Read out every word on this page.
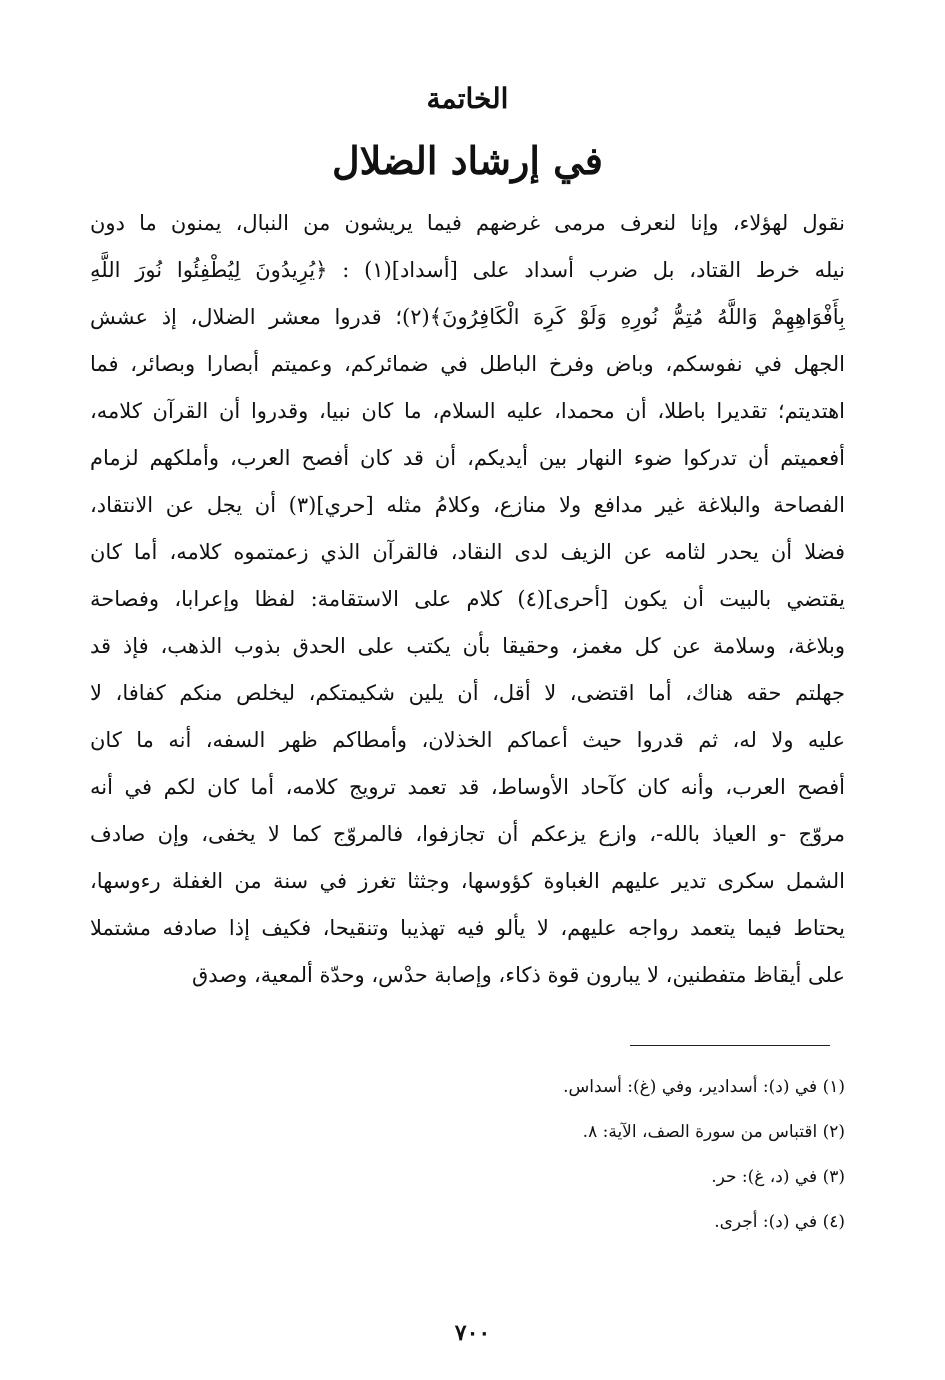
الخاتمة
في إرشاد الضلال
نقول لهؤلاء، وإنا لنعرف مرمى غرضهم فيما يريشون من النبال، يمنون ما دون
نيله خرط القتاد، بل ضرب أسداد على [أسداد](١) : ﴿يُرِيدُونَ لِيُطْفِئُوا نُورَ اللَّهِ
بِأَفْوَاهِهِمْ وَاللَّهُ مُتِمُّ نُورِهِ وَلَوْ كَرِهَ الْكَافِرُونَ﴾(٢)؛ قدروا معشر الضلال، إذ عشش
الجهل في نفوسكم، وباض وفرخ الباطل في ضمائركم، وعميتم أبصارا وبصائر، فما
اهتديتم؛ تقديرا باطلا، أن محمدا، عليه السلام، ما كان نبيا، وقدروا أن القرآن كلامه،
أفعميتم أن تدركوا ضوء النهار بين أيديكم، أن قد كان أفصح العرب، وأملكهم لزمام
الفصاحة والبلاغة غير مدافع ولا منازع، وكلامُ مثله [حري](٣) أن يجل عن الانتقاد،
فضلا أن يحدر لثامه عن الزيف لدى النقاد، فالقرآن الذي زعمتموه كلامه، أما كان
يقتضي بالبيت أن يكون [أحرى](٤) كلام على الاستقامة: لفظا وإعرابا، وفصاحة
وبلاغة، وسلامة عن كل مغمز، وحقيقا بأن يكتب على الحدق بذوب الذهب، فإذ قد
جهلتم حقه هناك، أما اقتضى، لا أقل، أن يلين شكيمتكم، ليخلص منكم كفافا، لا
عليه ولا له، ثم قدروا حيث أعماكم الخذلان، وأمطاكم ظهر السفه، أنه ما كان
أفصح العرب، وأنه كان كآحاد الأوساط، قد تعمد ترويج كلامه، أما كان لكم في أنه
مروّج -و العياذ بالله-، وازع يزعكم أن تجازفوا، فالمروّج كما لا يخفى، وإن صادف
الشمل سكرى تدير عليهم الغباوة كؤوسها، وجثثا تغرز في سنة من الغفلة رءوسها،
يحتاط فيما يتعمد رواجه عليهم، لا يألو فيه تهذيبا وتنقيحا، فكيف إذا صادفه مشتملا
على أيقاظ متفطنين، لا يبارون قوة ذكاء، وإصابة حدْس، وحدّة ألمعية، وصدق
(١) في (د): أسدادير، وفي (غ): أسداس.
(٢) اقتباس من سورة الصف، الآية: ٨.
(٣) في (د، غ): حر.
(٤) في (د): أجرى.
٧٠٠
